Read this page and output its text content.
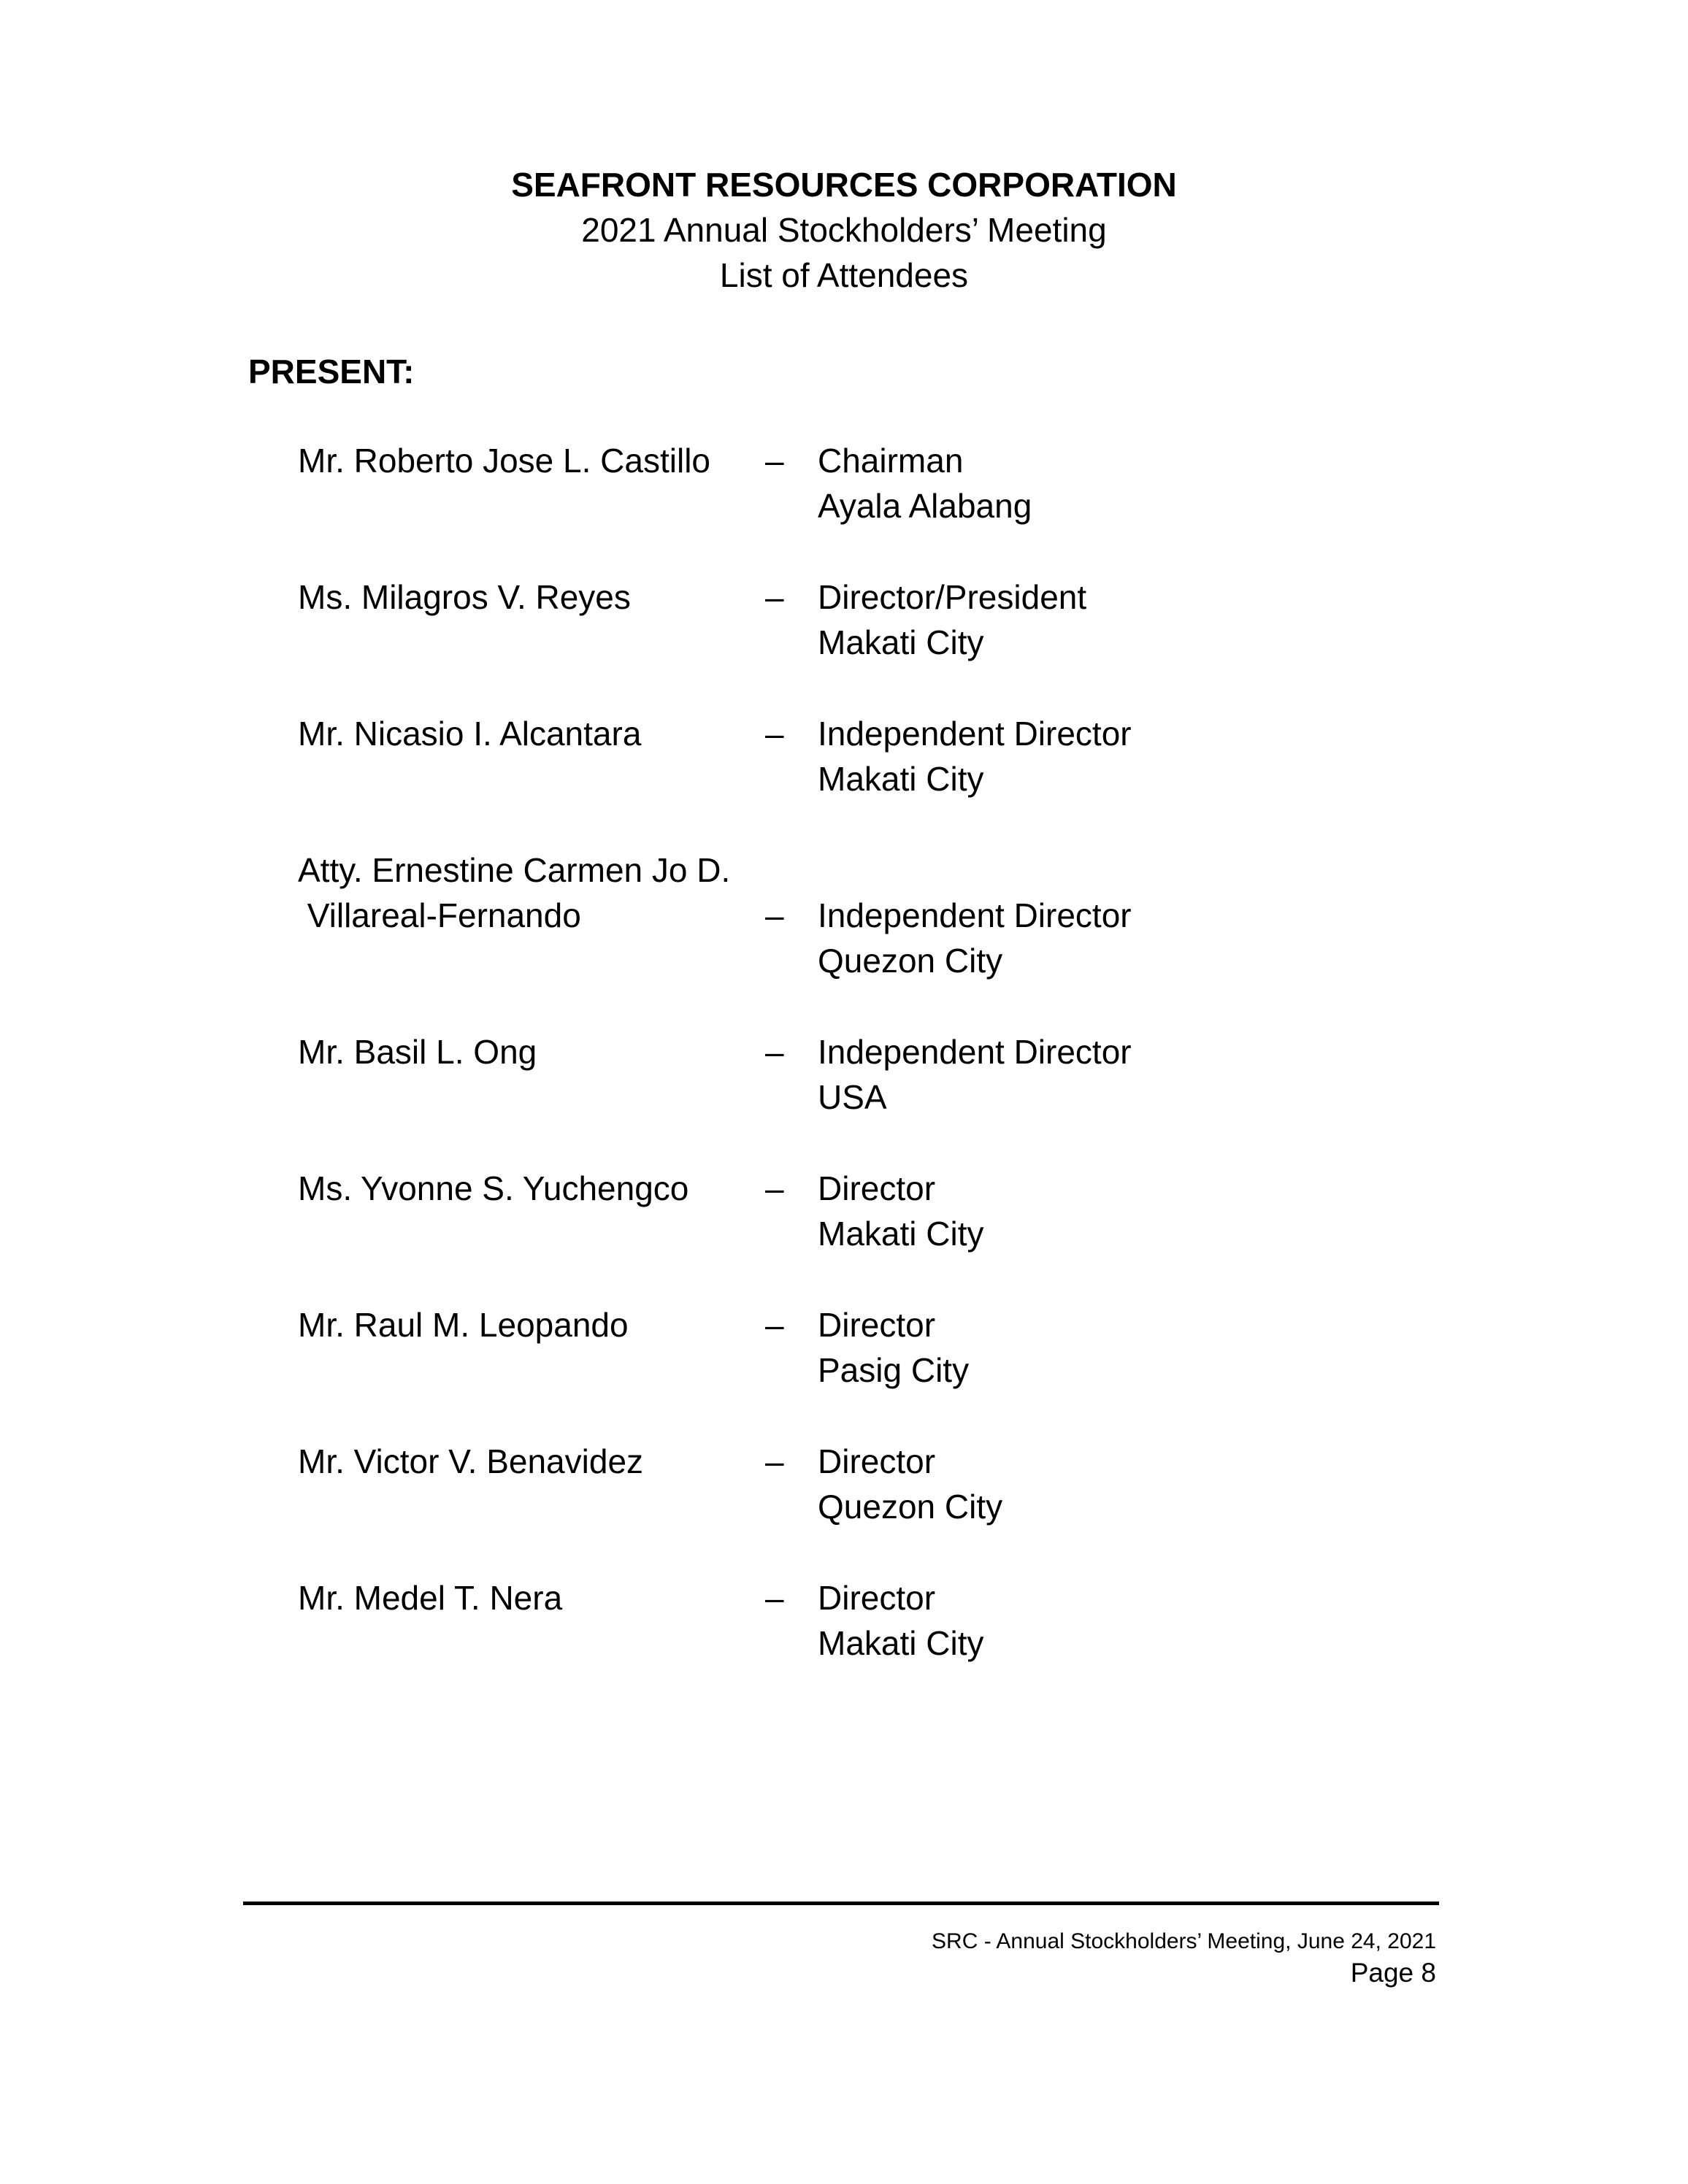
SEAFRONT RESOURCES CORPORATION
2021 Annual Stockholders’ Meeting
List of Attendees
PRESENT:
Mr. Roberto Jose L. Castillo	–	Chairman
Ayala Alabang
Ms. Milagros V. Reyes	–	Director/President
Makati City
Mr. Nicasio I. Alcantara	–	Independent Director
Makati City
Atty. Ernestine Carmen Jo D.
Villareal-Fernando	–	Independent Director
Quezon City
Mr. Basil L. Ong	–	Independent Director
USA
Ms. Yvonne S. Yuchengco	–	Director
Makati City
Mr. Raul M. Leopando	–	Director
Pasig City
Mr. Victor V. Benavidez	–	Director
Quezon City
Mr. Medel T. Nera	–	Director
Makati City
SRC - Annual Stockholders’ Meeting, June 24, 2021
Page 8
